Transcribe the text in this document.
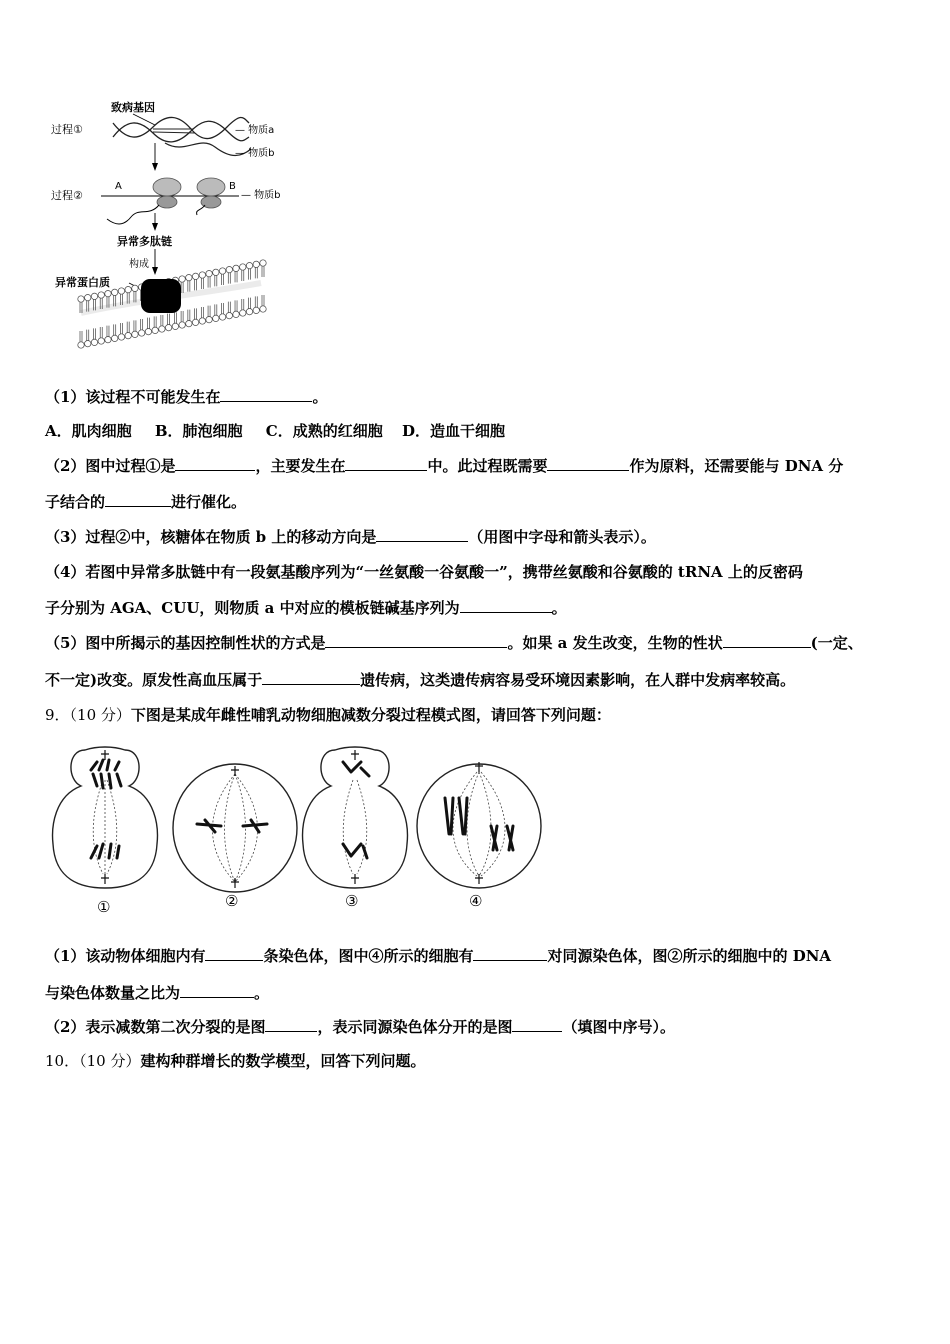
致病基因
过程①	— 物质a
— 物质b
过程②
A	B
— 物质b
异常多肽链
构成
异常蛋白质
（1）该过程不可能发生在	。
A．肌肉细胞 B．肺泡细胞 C．成熟的红细胞 D．造血干细胞
（2）图中过程①是	，主要发生在	中。此过程既需要	作为原料，还需要能与 DNA 分
子结合的	进行催化。
（3）过程②中，核糖体在物质 b 上的移动方向是	（用图中字母和箭头表示）。
（4）若图中异常多肽链中有一段氨基酸序列为“一丝氨酸一谷氨酸一”，携带丝氨酸和谷氨酸的 tRNA 上的反密码
子分别为 AGA、CUU，则物质 a 中对应的模板链碱基序列为	。
（5）图中所揭示的基因控制性状的方式是	。如果 a 发生改变，生物的性状	(一定、
不一定)改变。原发性高血压属于	遗传病，这类遗传病容易受环境因素影响，在人群中发病率较高。
9．（10 分）下图是某成年雌性哺乳动物细胞减数分裂过程模式图，请回答下列问题：
①	②	③	④
（1）该动物体细胞内有	条染色体，图中④所示的细胞有	对同源染色体，图②所示的细胞中的 DNA
与染色体数量之比为	。
（2）表示减数第二次分裂的是图	，表示同源染色体分开的是图	（填图中序号）。
10．（10 分）建构种群增长的数学模型，回答下列问题。
